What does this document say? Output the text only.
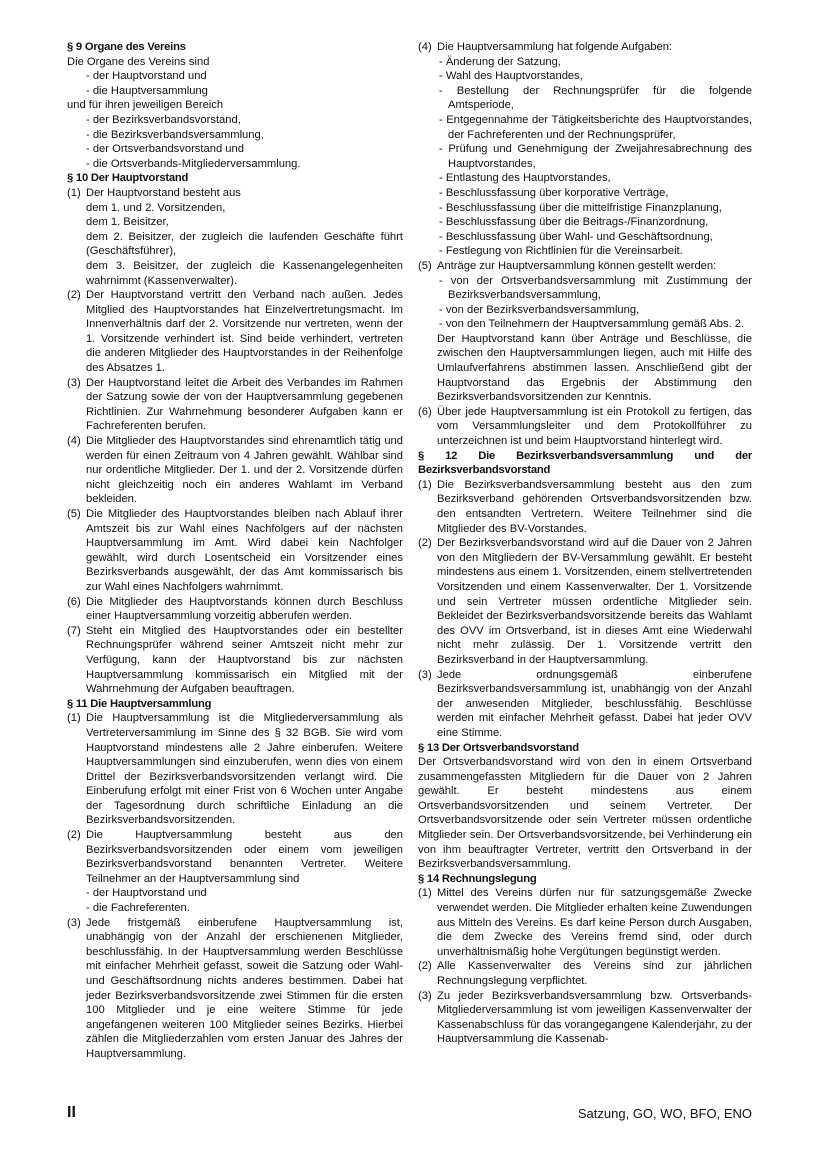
§ 9 Organe des Vereins

Die Organe des Vereins sind

- der Hauptvorstand und

- die Hauptversammlung

und für ihren jeweiligen Bereich

- der Bezirksverbandsvorstand,

- die Bezirksverbandsversammlung,

- der Ortsverbandsvorstand und

- die Ortsverbands-Mitgliederversammlung.

§ 10 Der Hauptvorstand

(1) Der Hauptvorstand besteht aus

dem 1. und 2. Vorsitzenden,

dem 1. Beisitzer,

dem 2. Beisitzer, der zugleich die laufenden Geschäfte führt (Geschäftsführer),

dem 3. Beisitzer, der zugleich die Kassenangelegenheiten wahrnimmt (Kassenverwalter).

(2) Der Hauptvorstand vertritt den Verband nach außen. Jedes Mitglied des Hauptvorstandes hat Einzelvertretungsmacht. Im Innenverhältnis darf der 2. Vorsitzende nur vertreten, wenn der 1. Vorsitzende verhindert ist. Sind beide verhindert, vertreten die anderen Mitglieder des Hauptvorstandes in der Reihenfolge des Absatzes 1.
(3) Der Hauptvorstand leitet die Arbeit des Verbandes im Rahmen der Satzung sowie der von der Hauptversammlung gegebenen Richtlinien. Zur Wahrnehmung besonderer Aufgaben kann er Fachreferenten berufen.
(4) Die Mitglieder des Hauptvorstandes sind ehrenamtlich tätig und werden für einen Zeitraum von 4 Jahren gewählt. Wählbar sind nur ordentliche Mitglieder. Der 1. und der 2. Vorsitzende dürfen nicht gleichzeitig noch ein anderes Wahlamt im Verband bekleiden.
(5) Die Mitglieder des Hauptvorstandes bleiben nach Ablauf ihrer Amtszeit bis zur Wahl eines Nachfolgers auf der nächsten Hauptversammlung im Amt. Wird dabei kein Nachfolger gewählt, wird durch Losentscheid ein Vorsitzender eines Bezirksverbands ausgewählt, der das Amt kommissarisch bis zur Wahl eines Nachfolgers wahrnimmt.
(6) Die Mitglieder des Hauptvorstands können durch Beschluss einer Hauptversammlung vorzeitig abberufen werden.
(7) Steht ein Mitglied des Hauptvorstandes oder ein bestellter Rechnungsprüfer während seiner Amtszeit nicht mehr zur Verfügung, kann der Hauptvorstand bis zur nächsten Hauptversammlung kommissarisch ein Mitglied mit der Wahrnehmung der Aufgaben beauftragen.

§ 11 Die Hauptversammlung

(1) Die Hauptversammlung ist die Mitgliederversammlung als Vertreterversammlung im Sinne des § 32 BGB. Sie wird vom Hauptvorstand mindestens alle 2 Jahre einberufen. Weitere Hauptversammlungen sind einzuberufen, wenn dies von einem Drittel der Bezirksverbandsvorsitzenden verlangt wird. Die Einberufung erfolgt mit einer Frist von 6 Wochen unter Angabe der Tagesordnung durch schriftliche Einladung an die Bezirksverbandsvorsitzenden.
(2) Die Hauptversammlung besteht aus den Bezirksverbandsvorsitzenden oder einem vom jeweiligen Bezirksverbandsvorstand benannten Vertreter. Weitere Teilnehmer an der Hauptversammlung sind

- der Hauptvorstand und

- die Fachreferenten.

(3) Jede fristgemäß einberufene Hauptversammlung ist, unabhängig von der Anzahl der erschienenen Mitglieder, beschlussfähig. In der Hauptversammlung werden Beschlüsse mit einfacher Mehrheit gefasst, soweit die Satzung oder Wahl- und Geschäftsordnung nichts anderes bestimmen. Dabei hat jeder Bezirksverbandsvorsitzende zwei Stimmen für die ersten 100 Mitglieder und je eine weitere Stimme für jede angefangenen weiteren 100 Mitglieder seines Bezirks. Hierbei zählen die Mitgliederzahlen vom ersten Januar des Jahres der Hauptversammlung.
(4) Die Hauptversammlung hat folgende Aufgaben:

- Änderung der Satzung,

- Wahl des Hauptvorstandes,

- Bestellung der Rechnungsprüfer für die folgende Amtsperiode,

- Entgegennahme der Tätigkeitsberichte des Hauptvorstandes, der Fachreferenten und der Rechnungsprüfer,

- Prüfung und Genehmigung der Zweijahresabrechnung des Hauptvorstandes,

- Entlastung des Hauptvorstandes,

- Beschlussfassung über korporative Verträge,

- Beschlussfassung über die mittelfristige Finanzplanung,

- Beschlussfassung über die Beitrags-/Finanzordnung,

- Beschlussfassung über Wahl- und Geschäftsordnung,

- Festlegung von Richtlinien für die Vereinsarbeit.

(5) Anträge zur Hauptversammlung können gestellt werden:

- von der Ortsverbandsversammlung mit Zustimmung der Bezirksverbandsversammlung,

- von der Bezirksverbandsversammlung,

- von den Teilnehmern der Hauptversammlung gemäß Abs. 2.

Der Hauptvorstand kann über Anträge und Beschlüsse, die zwischen den Hauptversammlungen liegen, auch mit Hilfe des Umlaufverfahrens abstimmen lassen. Anschließend gibt der Hauptvorstand das Ergebnis der Abstimmung den Bezirksverbandsvorsitzenden zur Kenntnis.

(6) Über jede Hauptversammlung ist ein Protokoll zu fertigen, das vom Versammlungsleiter und dem Protokollführer zu unterzeichnen ist und beim Hauptvorstand hinterlegt wird.

§ 12 Die Bezirksverbandsversammlung und der Bezirksverbandsvorstand

(1) Die Bezirksverbandsversammlung besteht aus den zum Bezirksverband gehörenden Ortsverbandsvorsitzenden bzw. den entsandten Vertretern. Weitere Teilnehmer sind die Mitglieder des BV-Vorstandes.
(2) Der Bezirksverbandsvorstand wird auf die Dauer von 2 Jahren von den Mitgliedern der BV-Versammlung gewählt. Er besteht mindestens aus einem 1. Vorsitzenden, einem stellvertretenden Vorsitzenden und einem Kassenverwalter. Der 1. Vorsitzende und sein Vertreter müssen ordentliche Mitglieder sein. Bekleidet der Bezirksverbandsvorsitzende bereits das Wahlamt des OVV im Ortsverband, ist in dieses Amt eine Wiederwahl nicht mehr zulässig. Der 1. Vorsitzende vertritt den Bezirksverband in der Hauptversammlung.
(3) Jede ordnungsgemäß einberufene Bezirksverbandsversammlung ist, unabhängig von der Anzahl der anwesenden Mitglieder, beschlussfähig. Beschlüsse werden mit einfacher Mehrheit gefasst. Dabei hat jeder OVV eine Stimme.

§ 13 Der Ortsverbandsvorstand

Der Ortsverbandsvorstand wird von den in einem Ortsverband zusammengefassten Mitgliedern für die Dauer von 2 Jahren gewählt. Er besteht mindestens aus einem Ortsverbandsvorsitzenden und seinem Vertreter. Der Ortsverbandsvorsitzende oder sein Vertreter müssen ordentliche Mitglieder sein. Der Ortsverbandsvorsitzende, bei Verhinderung ein von ihm beauftragter Vertreter, vertritt den Ortsverband in der Bezirksverbandsversammlung.

§ 14 Rechnungslegung

(1) Mittel des Vereins dürfen nur für satzungsgemäße Zwecke verwendet werden. Die Mitglieder erhalten keine Zuwendungen aus Mitteln des Vereins. Es darf keine Person durch Ausgaben, die dem Zwecke des Vereins fremd sind, oder durch unverhältnismäßig hohe Vergütungen begünstigt werden.
(2) Alle Kassenverwalter des Vereins sind zur jährlichen Rechnungslegung verpflichtet.
(3) Zu jeder Bezirksverbandsversammlung bzw. Ortsverbands-Mitgliederversammlung ist vom jeweiligen Kassenverwalter der Kassenabschluss für das vorangegangene Kalenderjahr, zu der Hauptversammlung die Kassenab-
II	Satzung, GO, WO, BFO, ENO
